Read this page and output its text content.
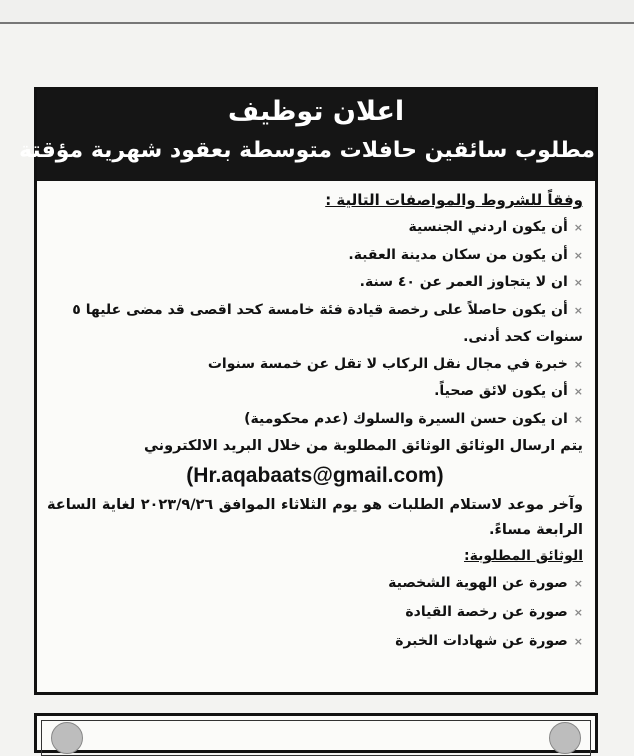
اعلان توظيف
مطلوب سائقين حافلات متوسطة بعقود شهرية مؤقتة
وفقاً للشروط والمواصفات التالية :
×أن يكون اردني الجنسية
×أن يكون من سكان مدينة العقبة.
×ان لا يتجاوز العمر عن ٤٠ سنة.
×أن يكون حاصلاً على رخصة قيادة فئة خامسة كحد اقصى قد مضى عليها ٥ سنوات كحد أدنى.
×خبرة في مجال نقل الركاب لا تقل عن خمسة سنوات
×أن يكون لائق صحياً.
×ان يكون حسن السيرة والسلوك (عدم محكومية)
يتم ارسال الوثائق الوثائق المطلوبة من خلال البريد الالكتروني
(Hr.aqabaats@gmail.com)
وآخر موعد لاستلام الطلبات هو يوم الثلاثاء الموافق ٢٠٢٣/٩/٢٦ لغاية الساعة الرابعة مساءً.
الوثائق المطلوبة:
×صورة عن الهوية الشخصية
×صورة عن رخصة القيادة
×صورة عن شهادات الخبرة
